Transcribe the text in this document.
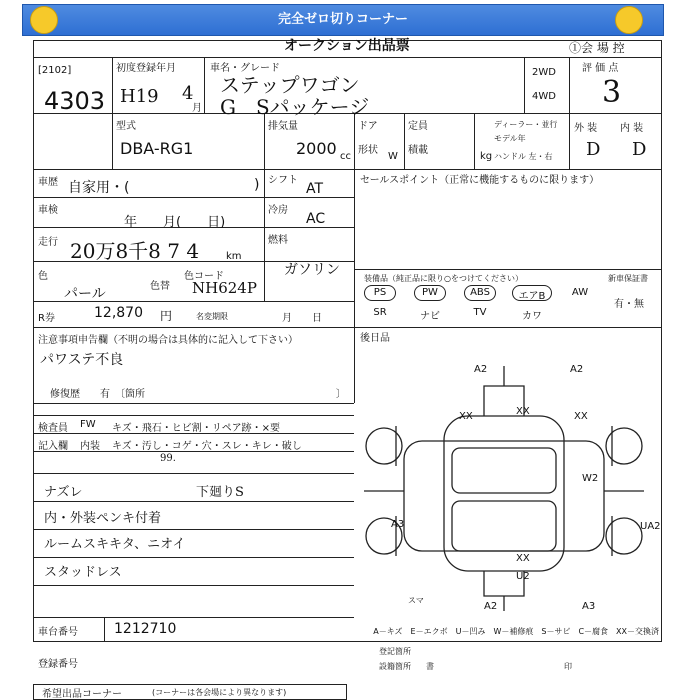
完全ゼロ切りコーナー
オークション出品票	①会 場 控
[2102]
4303
初度登録年月
H19 4
月
車名・グレード
ステップワゴン
G　Sパッケージ
2WD
4WD
評 価 点
3
型式
DBA-RG1
排気量
2000 cc
ドア
形状
W
定員
積載
kg
ディーラー・並行
モデル年
ハンドル 左・右
外 装 内 装
D D
車歴 自家用・(	) シフト
AT
車検
年　　月(　　日)
冷房
AC
走行 20万8千8 7 4	km
燃料
ガソリン
色
パール	色替
色コード
NH624P
R券	12,870 円	名変期限	月　　日
セールスポイント（正常に機能するものに限ります）
装備品（純正品に限り○をつけてください）	新車保証書
有・無
PS	PW	ABS	エアB	AW
SR	ナビ	TV	カワ
後日品
注意事項申告欄（不明の場合は具体的に記入して下さい）
パワステ不良
修復歴　　有　〔箇所	〕
検査員 FW キズ・飛石・ヒビ割・リペア跡・×要
記入欄 内装 キズ・汚し・コゲ・穴・スレ・キレ・破し
99.
ナズレ
内・外装ペンキ付着
ルームスキキタ、ニオイ
スタッドレス
下廻りS
A2	A2
XX	XX	XX
W2
A3	UA2
XX
U2
A2	A3
スマ
A－キズ　E－エクボ　U－凹み　W－補修痕　S－サビ　C－腐食　XX－交換済
車台番号	1212710
登録番号
登記箇所
設籍箇所 書	印
希望出品コーナー	(コーナーは各会場により異なります)
